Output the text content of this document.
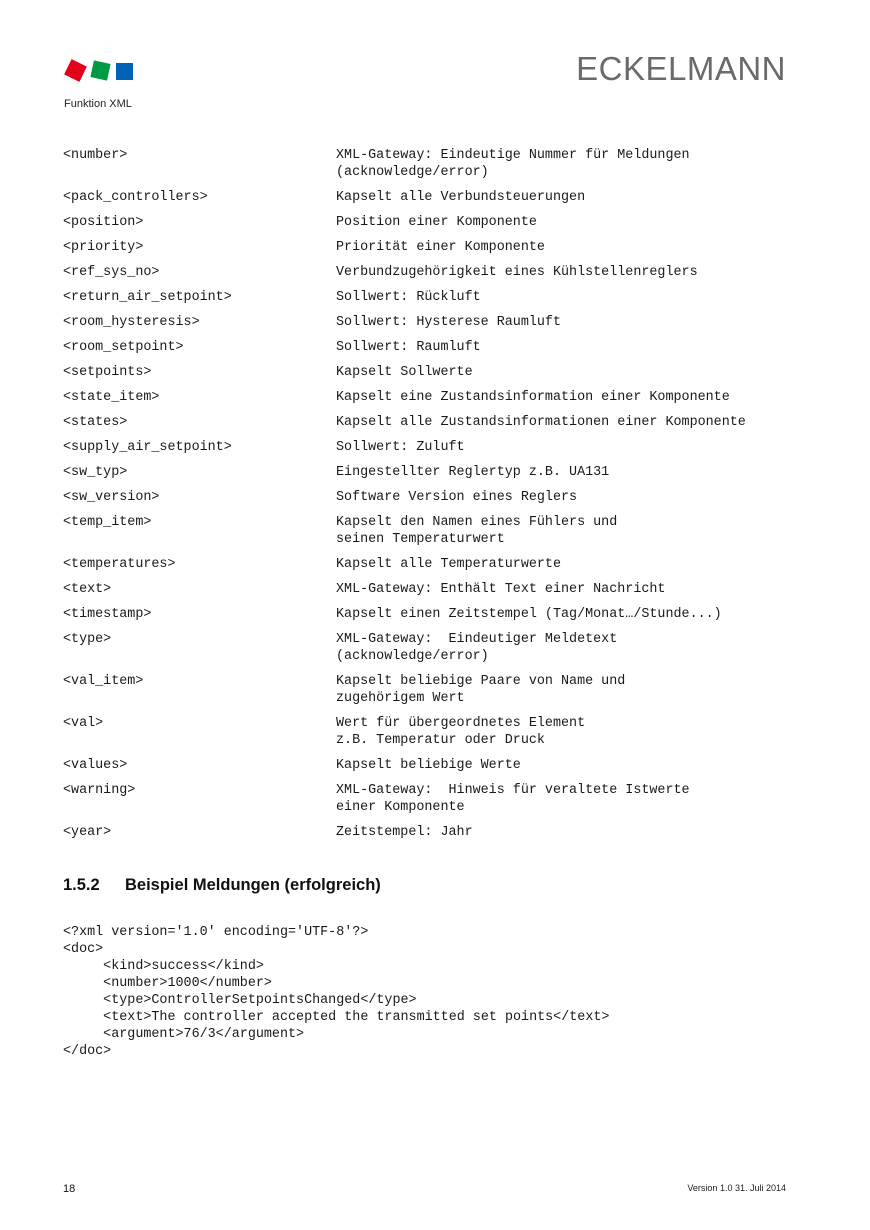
Funktion XML
ECKELMANN
<number>	XML-Gateway: Eindeutige Nummer für Meldungen
(acknowledge/error)
<pack_controllers>	Kapselt alle Verbundsteuerungen
<position>	Position einer Komponente
<priority>	Priorität einer Komponente
<ref_sys_no>	Verbundzugehörigkeit eines Kühlstellenreglers
<return_air_setpoint>	Sollwert: Rückluft
<room_hysteresis>	Sollwert: Hysterese Raumluft
<room_setpoint>	Sollwert: Raumluft
<setpoints>	Kapselt Sollwerte
<state_item>	Kapselt eine Zustandsinformation einer Komponente
<states>	Kapselt alle Zustandsinformationen einer Komponente
<supply_air_setpoint>	Sollwert: Zuluft
<sw_typ>	Eingestellter Reglertyp z.B. UA131
<sw_version>	Software Version eines Reglers
<temp_item>	Kapselt den Namen eines Fühlers und
seinen Temperaturwert
<temperatures>	Kapselt alle Temperaturwerte
<text>	XML-Gateway: Enthält Text einer Nachricht
<timestamp>	Kapselt einen Zeitstempel (Tag/Monat…/Stunde...)
<type>	XML-Gateway:  Eindeutiger Meldetext
(acknowledge/error)
<val_item>	Kapselt beliebige Paare von Name und
zugehörigem Wert
<val>	Wert für übergeordnetes Element
z.B. Temperatur oder Druck
<values>	Kapselt beliebige Werte
<warning>	XML-Gateway:  Hinweis für veraltete Istwerte
einer Komponente
<year>	Zeitstempel: Jahr
1.5.2	Beispiel Meldungen (erfolgreich)
<?xml version='1.0' encoding='UTF-8'?>
<doc>
<kind>success</kind>
<number>1000</number>
<type>ControllerSetpointsChanged</type>
<text>The controller accepted the transmitted set points</text>
<argument>76/3</argument>
</doc>
18	Version 1.0 31. Juli 2014
